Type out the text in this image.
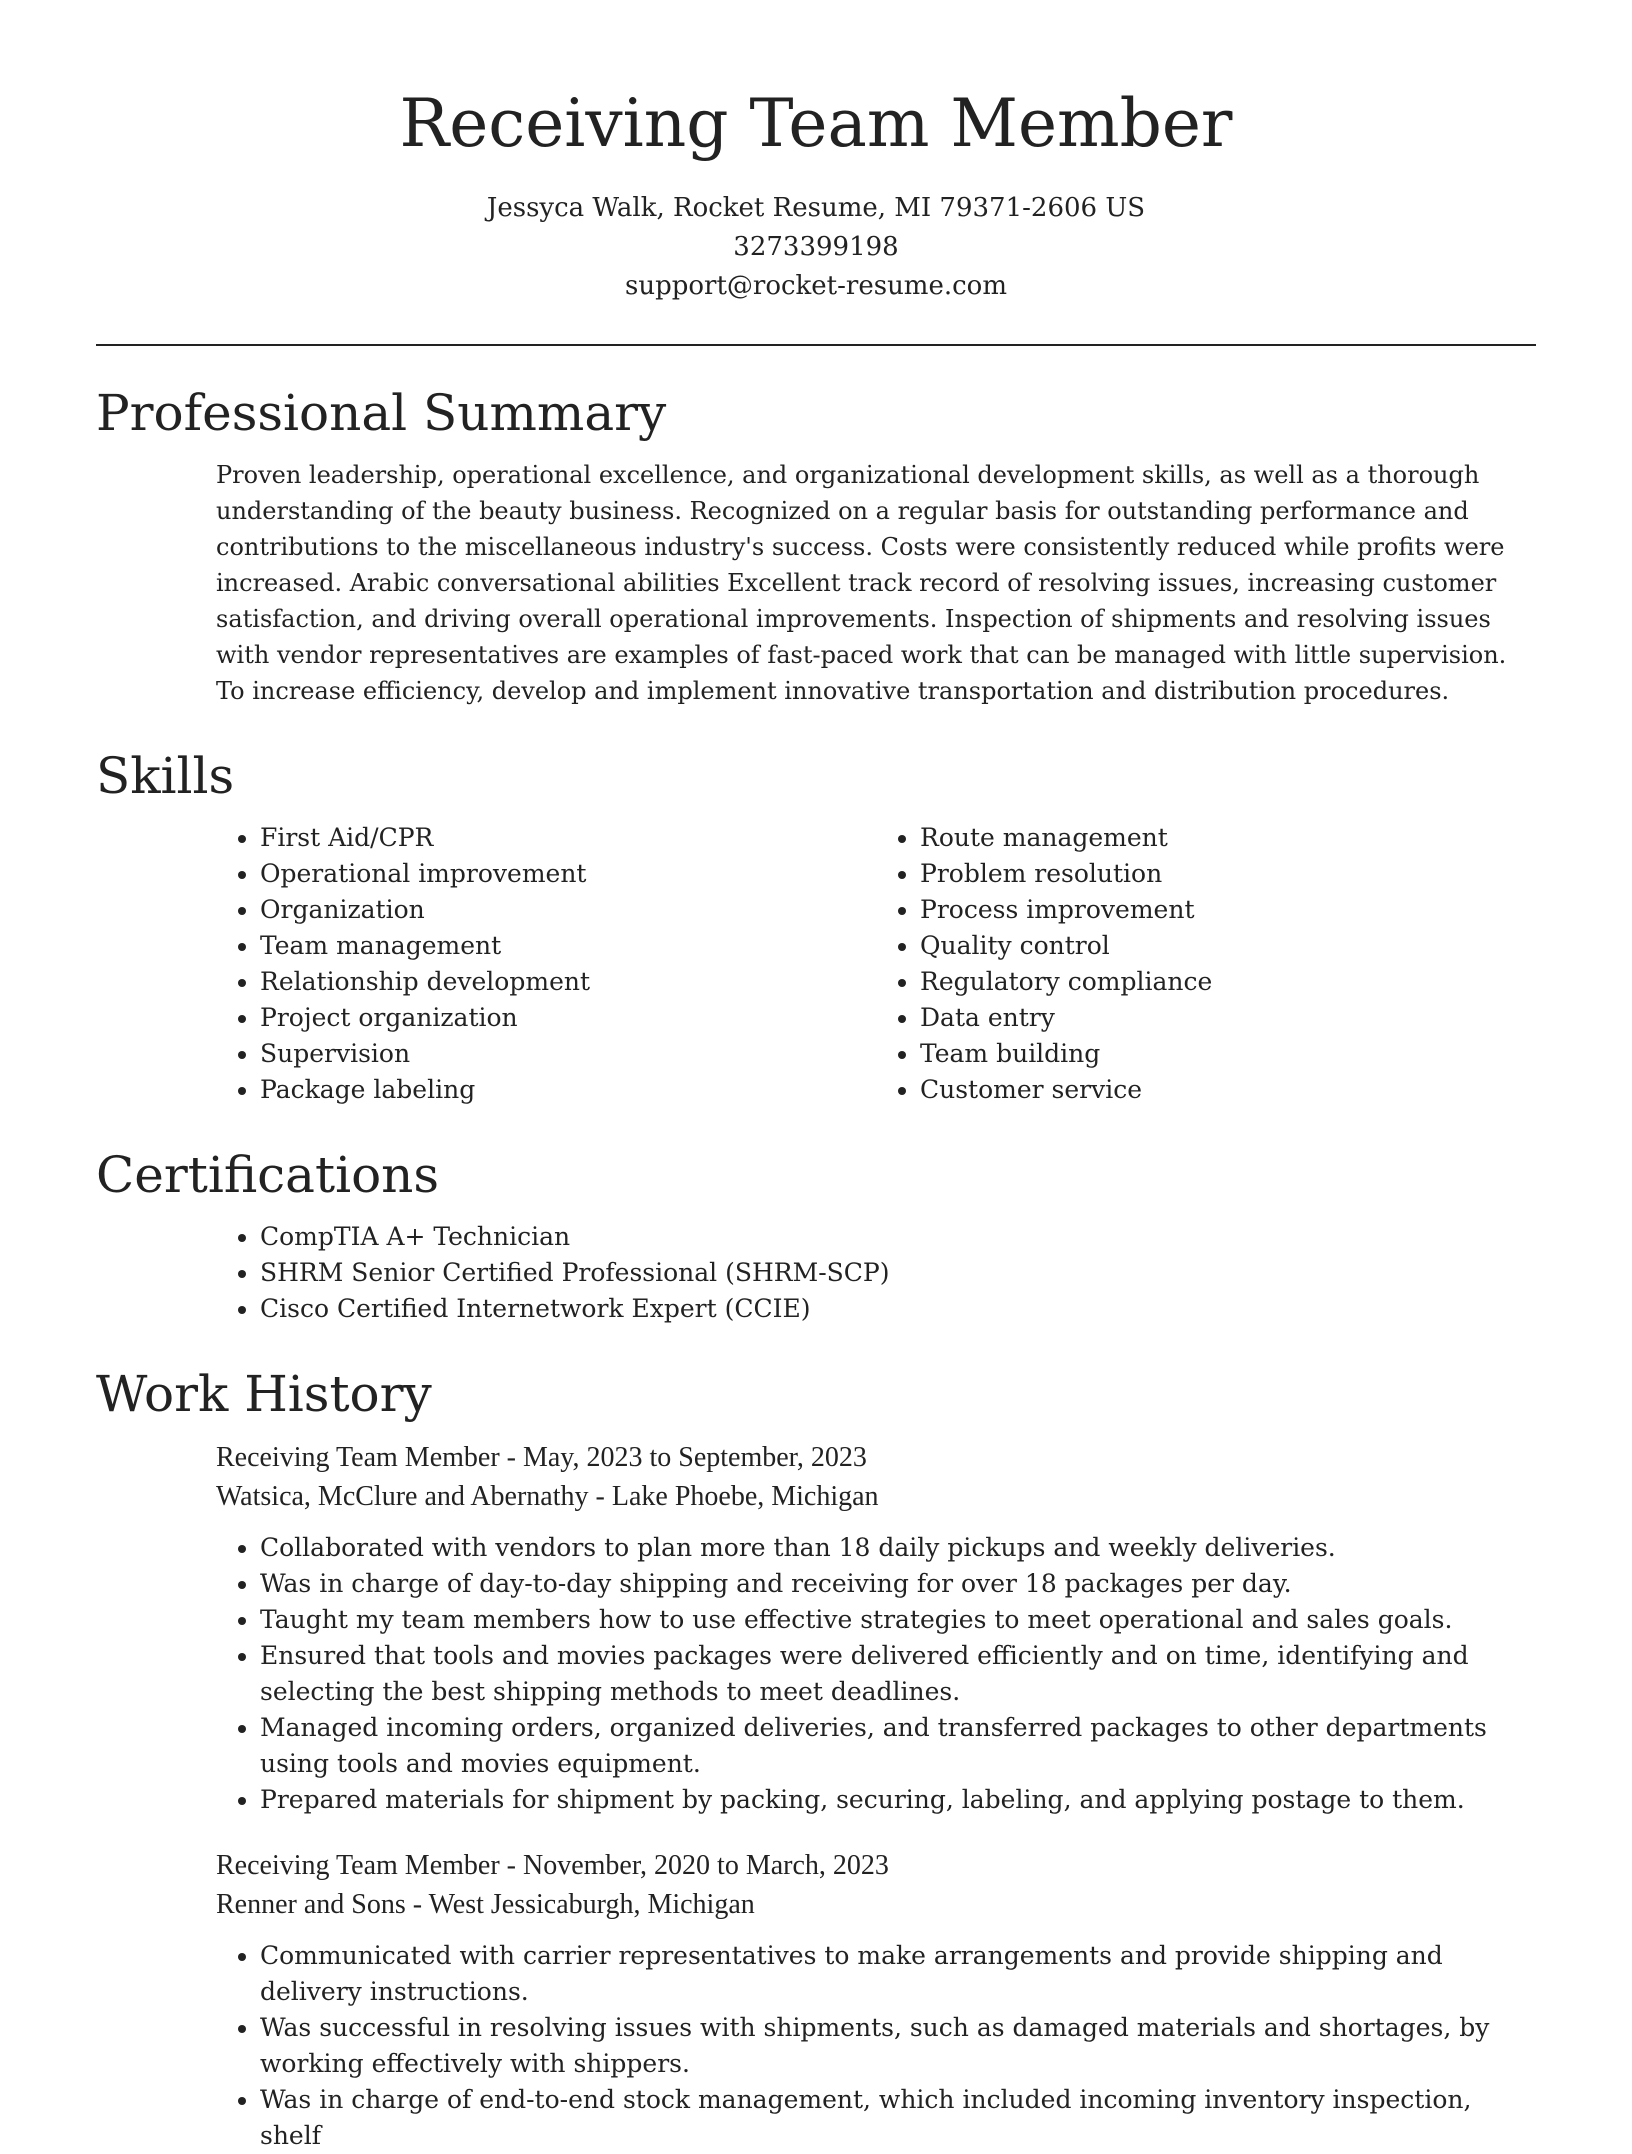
Receiving Team Member
Jessyca Walk, Rocket Resume, MI 79371-2606 US
3273399198
support@rocket-resume.com
Professional Summary

Proven leadership, operational excellence, and organizational development skills, as well as a thorough understanding of the beauty business. Recognized on a regular basis for outstanding performance and contributions to the miscellaneous industry's success. Costs were consistently reduced while profits were increased. Arabic conversational abilities Excellent track record of resolving issues, increasing customer satisfaction, and driving overall operational improvements. Inspection of shipments and resolving issues with vendor representatives are examples of fast-paced work that can be managed with little supervision. To increase efficiency, develop and implement innovative transportation and distribution procedures.

Skills
• First Aid/CPR
• Operational improvement
• Organization
• Team management
• Relationship development
• Project organization
• Supervision
• Package labeling
• Route management
• Problem resolution
• Process improvement
• Quality control
• Regulatory compliance
• Data entry
• Team building
• Customer service
Certifications
• CompTIA A+ Technician
• SHRM Senior Certified Professional (SHRM-SCP)
• Cisco Certified Internetwork Expert (CCIE)
Work History
Receiving Team Member - May, 2023 to September, 2023
Watsica, McClure and Abernathy - Lake Phoebe, Michigan
• Collaborated with vendors to plan more than 18 daily pickups and weekly deliveries.
• Was in charge of day-to-day shipping and receiving for over 18 packages per day.
• Taught my team members how to use effective strategies to meet operational and sales goals.
• Ensured that tools and movies packages were delivered efficiently and on time, identifying and selecting the best shipping methods to meet deadlines.
• Managed incoming orders, organized deliveries, and transferred packages to other departments using tools and movies equipment.
• Prepared materials for shipment by packing, securing, labeling, and applying postage to them.
Receiving Team Member - November, 2020 to March, 2023
Renner and Sons - West Jessicaburgh, Michigan
• Communicated with carrier representatives to make arrangements and provide shipping and delivery instructions.
• Was successful in resolving issues with shipments, such as damaged materials and shortages, by working effectively with shippers.
• Was in charge of end-to-end stock management, which included incoming inventory inspection, shelf
